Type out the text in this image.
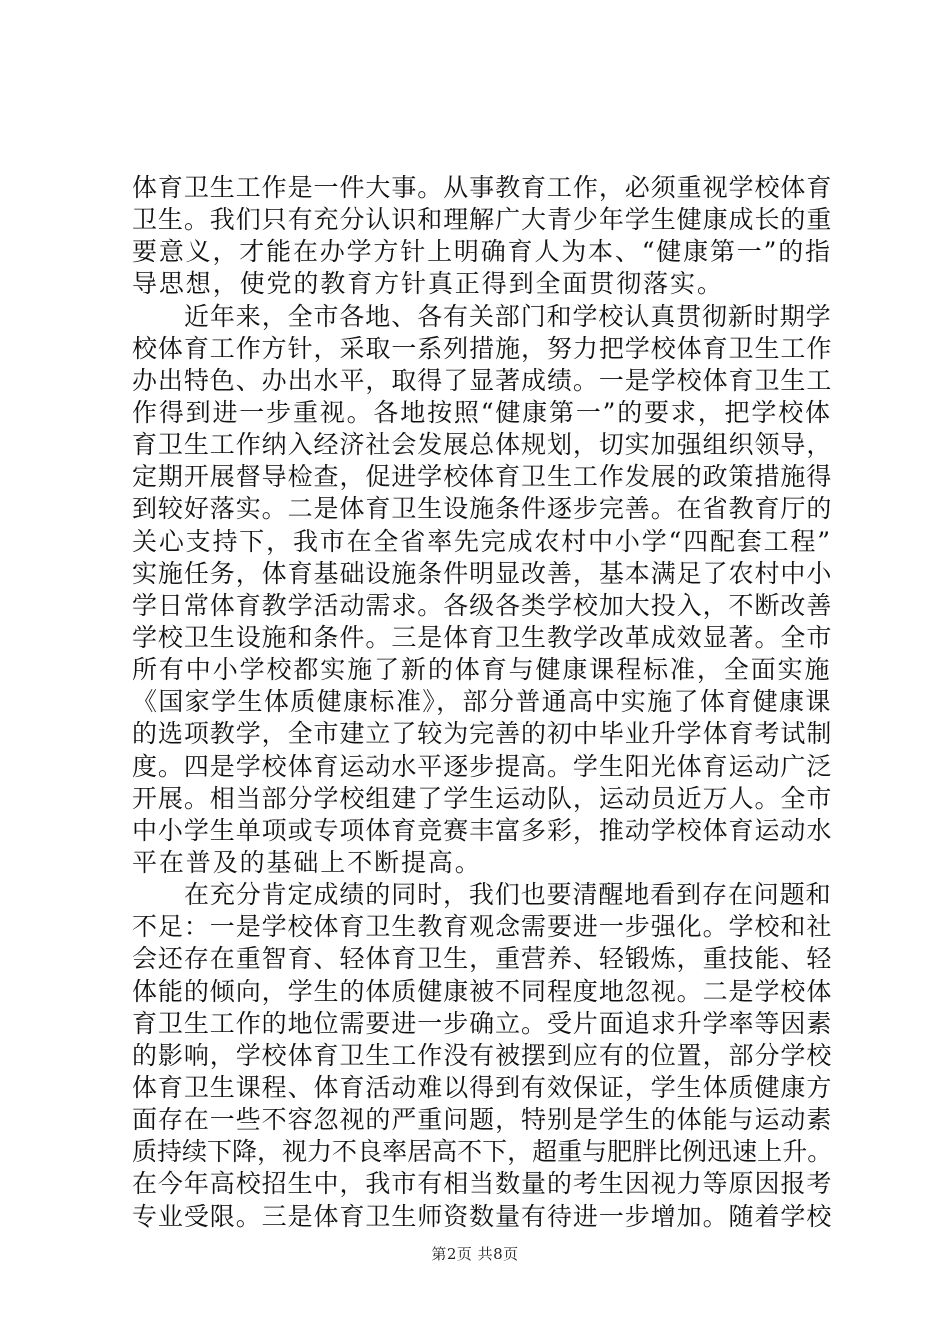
体育卫生工作是一件大事。从事教育工作，必须重视学校体育
卫生。我们只有充分认识和理解广大青少年学生健康成长的重
要意义，才能在办学方针上明确育人为本、“健康第一”的指
导思想，使党的教育方针真正得到全面贯彻落实。
近年来，全市各地、各有关部门和学校认真贯彻新时期学
校体育工作方针，采取一系列措施，努力把学校体育卫生工作
办出特色、办出水平，取得了显著成绩。一是学校体育卫生工
作得到进一步重视。各地按照“健康第一”的要求，把学校体
育卫生工作纳入经济社会发展总体规划，切实加强组织领导，
定期开展督导检查，促进学校体育卫生工作发展的政策措施得
到较好落实。二是体育卫生设施条件逐步完善。在省教育厅的
关心支持下，我市在全省率先完成农村中小学“四配套工程”
实施任务，体育基础设施条件明显改善，基本满足了农村中小
学日常体育教学活动需求。各级各类学校加大投入，不断改善
学校卫生设施和条件。三是体育卫生教学改革成效显著。全市
所有中小学校都实施了新的体育与健康课程标准，全面实施
《国家学生体质健康标准》，部分普通高中实施了体育健康课
的选项教学，全市建立了较为完善的初中毕业升学体育考试制
度。四是学校体育运动水平逐步提高。学生阳光体育运动广泛
开展。相当部分学校组建了学生运动队，运动员近万人。全市
中小学生单项或专项体育竞赛丰富多彩，推动学校体育运动水
平在普及的基础上不断提高。
在充分肯定成绩的同时，我们也要清醒地看到存在问题和
不足：一是学校体育卫生教育观念需要进一步强化。学校和社
会还存在重智育、轻体育卫生，重营养、轻锻炼，重技能、轻
体能的倾向，学生的体质健康被不同程度地忽视。二是学校体
育卫生工作的地位需要进一步确立。受片面追求升学率等因素
的影响，学校体育卫生工作没有被摆到应有的位置，部分学校
体育卫生课程、体育活动难以得到有效保证，学生体质健康方
面存在一些不容忽视的严重问题，特别是学生的体能与运动素
质持续下降，视力不良率居高不下，超重与肥胖比例迅速上升。
在今年高校招生中，我市有相当数量的考生因视力等原因报考
专业受限。三是体育卫生师资数量有待进一步增加。随着学校
第2页 共8页
